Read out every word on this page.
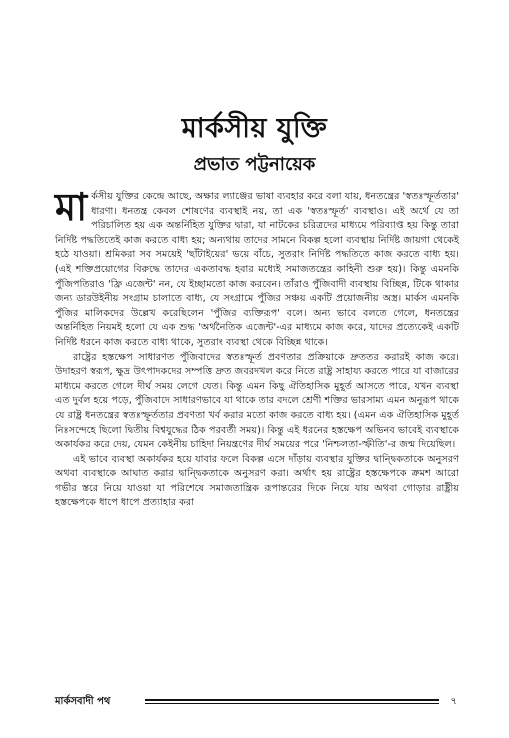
মার্কসীয় যুক্তি
প্রভাত পট্টনায়েক

মার্কসীয় যুক্তির কেন্দ্রে আছে, অক্ষার ল্যাঞ্জের ভাষা ব্যবহার করে বলা যায়, ধনতন্ত্রের 'স্বতঃস্ফূর্ততার' ধারণা। ধনতন্ত্র কেবল শোষণের ব্যবস্থাই নয়, তা এক 'স্বতঃস্ফূর্ত' ব্যবস্থাও। এই অর্থে যে তা পরিচালিত হয় এক অন্তর্নিহিত যুক্তির দ্বারা, যা নাটকের চরিত্রদের মাধ্যমে পরিব্যাপ্ত হয় কিন্তু তারা নির্দিষ্ট পদ্ধতিতেই কাজ করতে বাধ্য হয়; অন্যথায় তাদের সামনে বিকল্প হলো ব্যবস্থায় নির্দিষ্ট জায়গা থেকেই হঠে যাওয়া। শ্রমিকরা সব সময়েই 'ছাঁটাইয়ের' ভয়ে বাঁচে, সুতরাং নির্দিষ্ট পদ্ধতিতে কাজ করতে বাধ্য হয়। (এই শক্তিপ্রয়োগের বিরুদ্ধে তাদের একতাবদ্ধ হবার মধ্যেই সমাজতন্ত্রের কাহিনী শুরু হয়)। কিন্তু এমনকি পুঁজিপতিরাও 'ফ্রি এজেন্ট' নন, যে ইচ্ছামতো কাজ করবেন। তাঁরাও পুঁজিবাদী ব্যবস্থায় বিচ্ছিন্ন, টিকে থাকার জন্য ডারউইনীয় সংগ্রাম চালাতে বাধ্য, যে সংগ্রামে পুঁজির সঞ্চয় একটি প্রয়োজনীয় অস্ত্র। মার্কস এমনকি পুঁজির মালিকদের উল্লেখ করেছিলেন 'পুঁজির ব্যক্তিরূপ' বলে। অন্য ভাবে বলতে গেলে, ধনতন্ত্রের অন্তর্নিহিত নিয়মই হলো যে এক শুদ্ধ 'অর্থনৈতিক এজেন্ট'-এর মাধ্যমে কাজ করে, যাদের প্রত্যেকেই একটি নির্দিষ্ট ধরনে কাজ করতে বাধ্য থাকে, সুতরাং ব্যবস্থা থেকে বিচ্ছিন্ন থাকে।

রাষ্ট্রের হস্তক্ষেপ সাধারণত পুঁজিবাদের স্বতঃস্ফূর্ত প্রবণতার প্রক্রিয়াকে দ্রুততর করারই কাজ করে। উদাহরণ স্বরূপ, ক্ষুদ্র উৎপাদকদের সম্পত্তি দ্রুত জবরদখল করে নিতে রাষ্ট্র সাহায্য করতে পারে যা বাজারের মাধ্যমে করতে গেলে দীর্ঘ সময় লেগে যেত। কিন্তু এমন কিছু ঐতিহাসিক মুহূর্ত আসতে পারে, যখন ব্যবস্থা এত দুর্বল হয়ে পড়ে, পুঁজিবাদে সাধারণভাবে যা থাকে তার বদলে শ্রেণী শক্তির ভারসাম্য এমন অনুরূপ থাকে যে রাষ্ট্র ধনতন্ত্রের স্বতঃস্ফূর্ততার প্রবণতা খর্ব করার মতো কাজ করতে বাধ্য হয়। (এমন এক ঐতিহাসিক মুহূর্ত নিঃসন্দেহে ছিলো দ্বিতীয় বিশ্বযুদ্ধের ঠিক পরবর্তী সময়)। কিন্তু এই ধরনের হস্তক্ষেপ অভিনব ভাবেই ব্যবস্থাকে অকার্যকর করে দেয়, যেমন কেইনীয় চাহিদা নিয়ন্ত্রণের দীর্ঘ সময়ের পরে 'নিশ্চলতা-স্ফীতি'-র জন্ম দিয়েছিল।

এই ভাবে ব্যবস্থা অকার্যকর হয়ে যাবার ফলে বিকল্প এসে দাঁড়ায় ব্যবস্থার যুক্তির দ্বান্দ্বিকতাকে অনুসরণ অথবা ব্যবস্থাকে আঘাত করার দ্বান্দ্বিকতাকে অনুসরণ করা। অর্থাৎ হয় রাষ্ট্রের হস্তক্ষেপকে ক্রমশ আরো গভীর স্তরে নিয়ে যাওয়া যা পরিশেষে সমাজতান্ত্রিক রূপান্তরের দিকে নিয়ে যায় অথবা গোড়ার রাষ্ট্রীয় হস্তক্ষেপকে ধাপে ধাপে প্রত্যাহার করা

মার্কসবাদী পথ	৭
